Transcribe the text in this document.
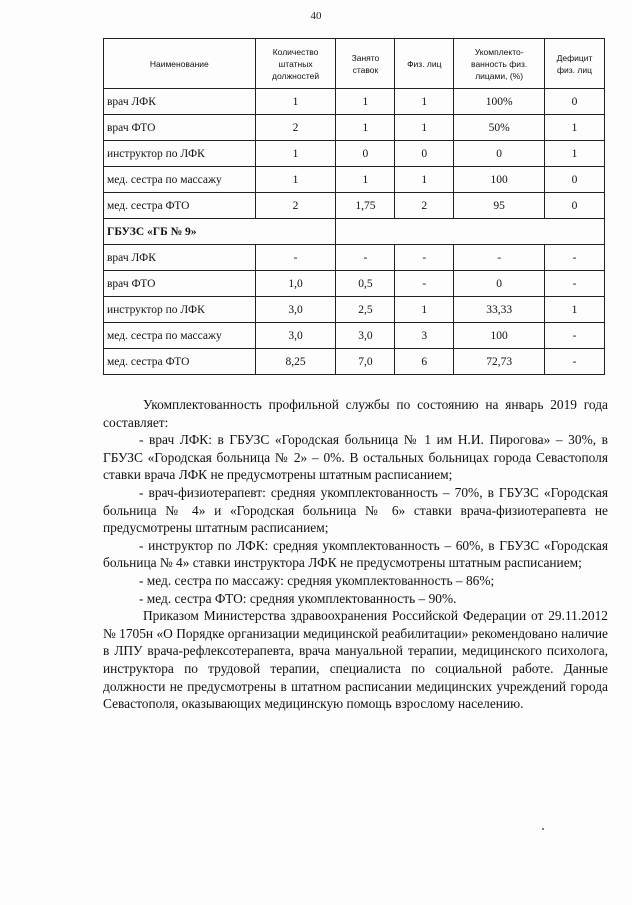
40
Наименование	Количество штатных должностей	Занято ставок	Физ. лиц	Укомплекто-ванность физ. лицами, (%)	Дефицит физ. лиц
врач ЛФК	1	1	1	100%	0
врач ФТО	2	1	1	50%	1
инструктор по ЛФК	1	0	0	0	1
мед. сестра по массажу	1	1	1	100	0
мед. сестра ФТО	2	1,75	2	95	0
ГБУЗС «ГБ № 9»					
врач ЛФК	-	-	-	-	-
врач ФТО	1,0	0,5	-	0	-
инструктор по ЛФК	3,0	2,5	1	33,33	1
мед. сестра по массажу	3,0	3,0	3	100	-
мед. сестра ФТО	8,25	7,0	6	72,73	-

Укомплектованность профильной службы по состоянию на январь 2019 года составляет:

- врач ЛФК: в ГБУЗС «Городская больница № 1 им Н.И. Пирогова» – 30%, в ГБУЗС «Городская больница № 2» – 0%. В остальных больницах города Севастополя ставки врача ЛФК не предусмотрены штатным расписанием;

- врач-физиотерапевт: средняя укомплектованность – 70%, в ГБУЗС «Городская больница № 4» и «Городская больница № 6» ставки врача-физиотерапевта не предусмотрены штатным расписанием;

- инструктор по ЛФК: средняя укомплектованность – 60%, в ГБУЗС «Городская больница № 4» ставки инструктора ЛФК не предусмотрены штатным расписанием;

- мед. сестра по массажу: средняя укомплектованность – 86%;

- мед. сестра ФТО: средняя укомплектованность – 90%.

Приказом Министерства здравоохранения Российской Федерации от 29.11.2012 № 1705н «О Порядке организации медицинской реабилитации» рекомендовано наличие в ЛПУ врача-рефлексотерапевта, врача мануальной терапии, медицинского психолога, инструктора по трудовой терапии, специалиста по социальной работе. Данные должности не предусмотрены в штатном расписании медицинских учреждений города Севастополя, оказывающих медицинскую помощь взрослому населению.
